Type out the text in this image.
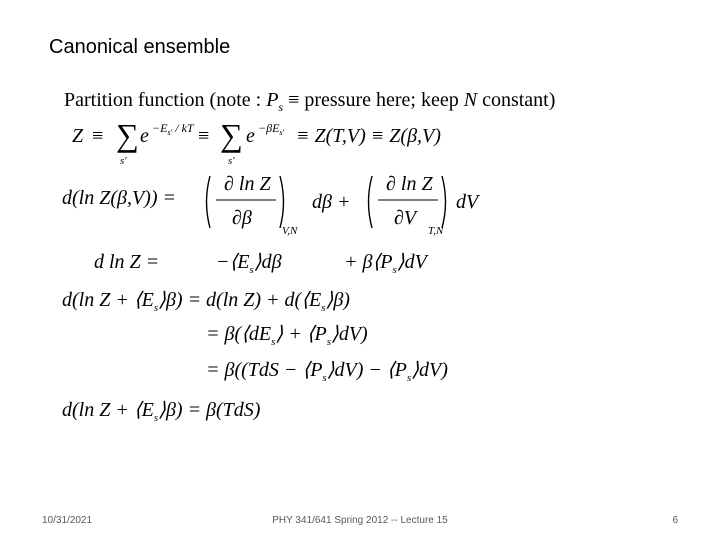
Canonical ensemble
Partition function (note : $P_s$ ≡ pressure here; keep N constant)
Z ≡ ∑
s'
$e -E_{s'}$ / kT ≡ ∑
s'
$e -\beta E_{s'} \equiv Z(T,V) \equiv Z(\beta,V)$
d(ln Z(β,V)) =
∂ ln Z
∂β
V,N
dβ +
∂ ln Z
∂V
T,N
dV
d ln Z =	$-⟨E_s⟩d\beta$	+ $\beta⟨P_s⟩dV$
d(ln $Z + ⟨E_s⟩\beta) = d(\ln$ $Z) + d(⟨E_s⟩\beta)$
= $\beta(⟨dE_s⟩$ + $⟨P_s⟩dV$)
= $\beta((TdS - ⟨P_s⟩dV)$ − $⟨P_s⟩dV$)
d(ln $Z + ⟨E_s⟩\beta) = \beta(TdS)$
10/31/2021	PHY 341/641 Spring 2012 -- Lecture 15	6
